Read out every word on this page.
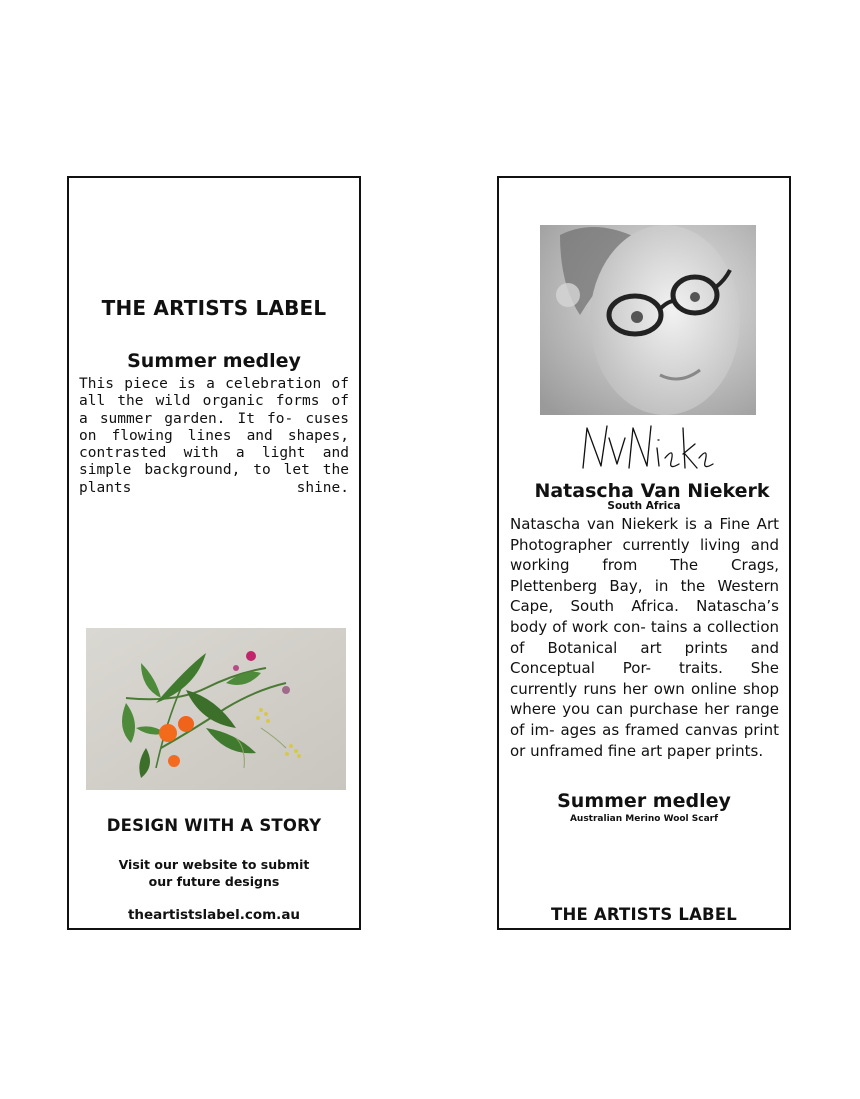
THE ARTISTS LABEL
Summer medley
This piece is a celebration of all the wild organic forms of a summer garden. It fo- cuses on flowing lines and shapes, contrasted with a light and simple background, to let the plants shine.
DESIGN WITH A STORY
Visit our website to submit
our future designs
theartistslabel.com.au
Natascha Van Niekerk
South Africa
Natascha van Niekerk is a Fine Art Photographer currently living and working from The Crags, Plettenberg Bay, in the Western Cape, South Africa. Natascha’s body of work con- tains a collection of Botanical art prints and Conceptual Por- traits. She currently runs her own online shop where you can purchase her range of im- ages as framed canvas print or unframed fine art paper prints.
Summer medley
Australian Merino Wool Scarf
THE ARTISTS LABEL
